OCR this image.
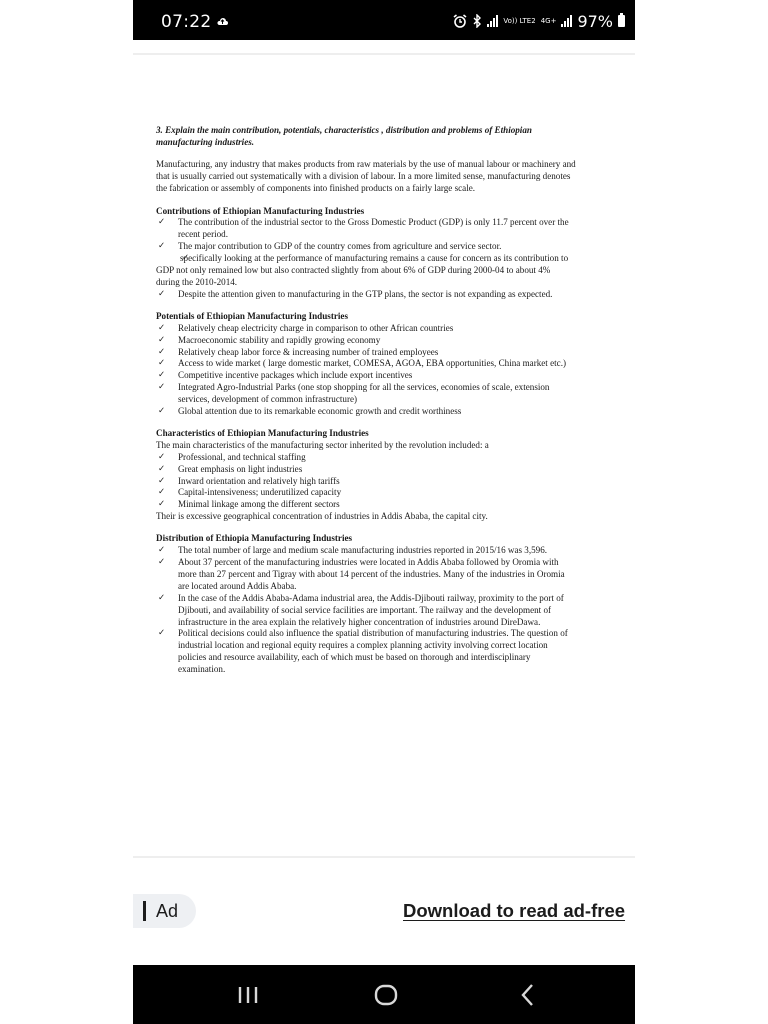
07:22	Vo)) LTE2 4G+ 97%

3. Explain the main contribution, potentials, characteristics , distribution and problems of Ethiopian manufacturing industries.

Manufacturing, any industry that makes products from raw materials by the use of manual labour or machinery and that is usually carried out systematically with a division of labour. In a more limited sense, manufacturing denotes the fabrication or assembly of components into finished products on a fairly large scale.

Contributions of Ethiopian Manufacturing Industries

✓ The contribution of the industrial sector to the Gross Domestic Product (GDP) is only 11.7 percent over the recent period.
✓ The major contribution to GDP of the country comes from agriculture and service sector.
✓ specifically looking at the performance of manufacturing remains a cause for concern as its contribution to GDP not only remained low but also contracted slightly from about 6% of GDP during 2000-04 to about 4% during the 2010-2014.
✓ Despite the attention given to manufacturing in the GTP plans, the sector is not expanding as expected.

Potentials of Ethiopian Manufacturing Industries

✓ Relatively cheap electricity charge in comparison to other African countries
✓ Macroeconomic stability and rapidly growing economy
✓ Relatively cheap labor force & increasing number of trained employees
✓ Access to wide market ( large domestic market, COMESA, AGOA, EBA opportunities, China market etc.)
✓ Competitive incentive packages which include export incentives
✓ Integrated Agro-Industrial Parks (one stop shopping for all the services, economies of scale, extension services, development of common infrastructure)
✓ Global attention due to its remarkable economic growth and credit worthiness

Characteristics of Ethiopian Manufacturing Industries

The main characteristics of the manufacturing sector inherited by the revolution included: a

✓ Professional, and technical staffing
✓ Great emphasis on light industries
✓ Inward orientation and relatively high tariffs
✓ Capital-intensiveness; underutilized capacity
✓ Minimal linkage among the different sectors

Their is excessive geographical concentration of industries in Addis Ababa, the capital city.

Distribution of Ethiopia Manufacturing Industries

✓ The total number of large and medium scale manufacturing industries reported in 2015/16 was 3,596.
✓ About 37 percent of the manufacturing industries were located in Addis Ababa followed by Oromia with more than 27 percent and Tigray with about 14 percent of the industries. Many of the industries in Oromia are located around Addis Ababa.
✓ In the case of the Addis Ababa-Adama industrial area, the Addis-Djibouti railway, proximity to the port of Djibouti, and availability of social service facilities are important. The railway and the development of infrastructure in the area explain the relatively higher concentration of industries around DireDawa.
✓ Political decisions could also influence the spatial distribution of manufacturing industries. The question of industrial location and regional equity requires a complex planning activity involving correct location policies and resource availability, each of which must be based on thorough and interdisciplinary examination.
Ad	Download to read ad-free
